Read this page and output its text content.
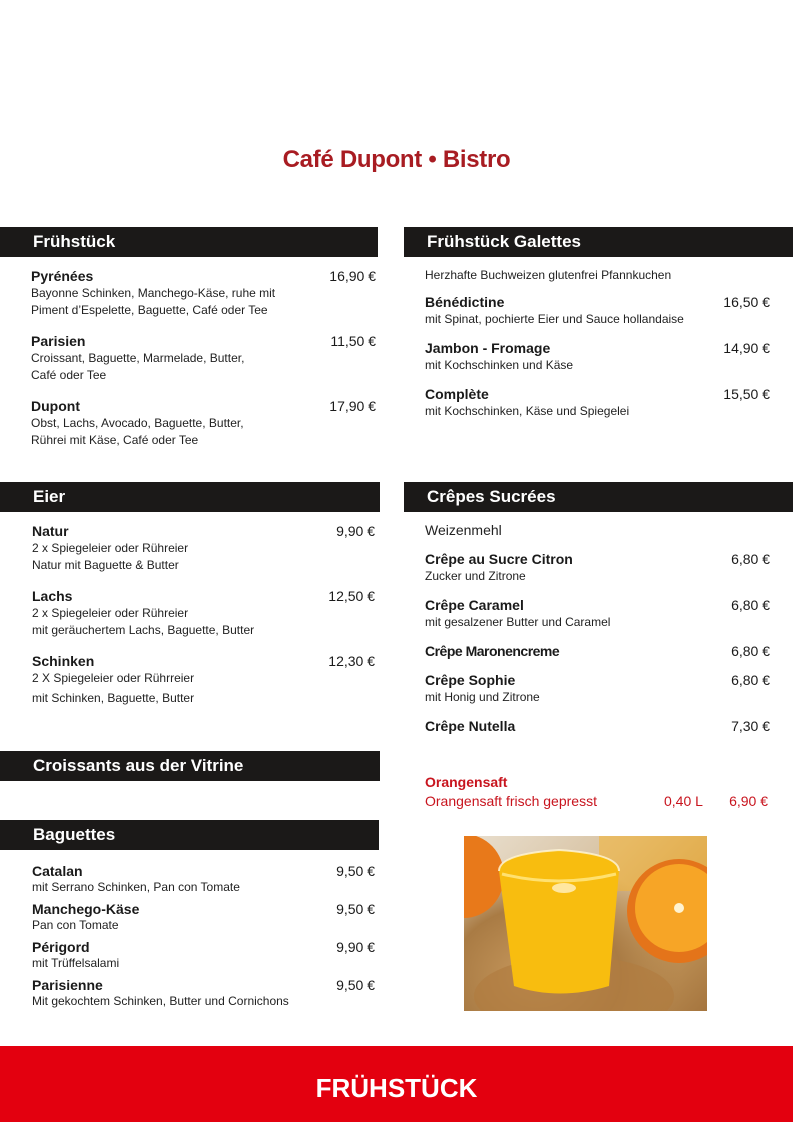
Café Dupont • Bistro
Frühstück
Pyrénées	16,90 €
Bayonne Schinken, Manchego-Käse, ruhe mit
Piment d’Espelette, Baguette, Café oder Tee
Parisien	11,50 €
Croissant, Baguette, Marmelade, Butter,
Café oder Tee
Dupont	17,90 €
Obst, Lachs, Avocado, Baguette, Butter,
Rührei mit Käse, Café oder Tee
Frühstück Galettes
Herzhafte Buchweizen glutenfrei Pfannkuchen
Bénédictine	16,50 €
mit Spinat, pochierte Eier und Sauce hollandaise
Jambon - Fromage	14,90 €
mit Kochschinken und Käse
Complète	15,50 €
mit Kochschinken, Käse und Spiegelei
Eier
Natur	9,90 €
2 x Spiegeleier oder Rühreier
Natur mit Baguette & Butter
Lachs	12,50 €
2 x Spiegeleier oder Rühreier
mit geräuchertem Lachs, Baguette, Butter
Schinken	12,30 €
2 X Spiegeleier oder Rührreier
mit Schinken, Baguette, Butter
Crêpes Sucrées
Weizenmehl
Crêpe au Sucre Citron	6,80 €
Zucker und Zitrone
Crêpe Caramel	6,80 €
mit gesalzener Butter und Caramel
Crêpe Maronencreme	6,80 €
Crêpe Sophie	6,80 €
mit Honig und Zitrone
Crêpe Nutella	7,30 €
Croissants aus der Vitrine
Baguettes
Catalan	9,50 €
mit Serrano Schinken, Pan con Tomate
Manchego-Käse	9,50 €
Pan con Tomate
Périgord	9,90 €
mit Trüffelsalami
Parisienne	9,50 €
Mit gekochtem Schinken, Butter und Cornichons
Orangensaft
Orangensaft frisch gepresst	0,40 L 6,90 €
FRÜHSTÜCK
